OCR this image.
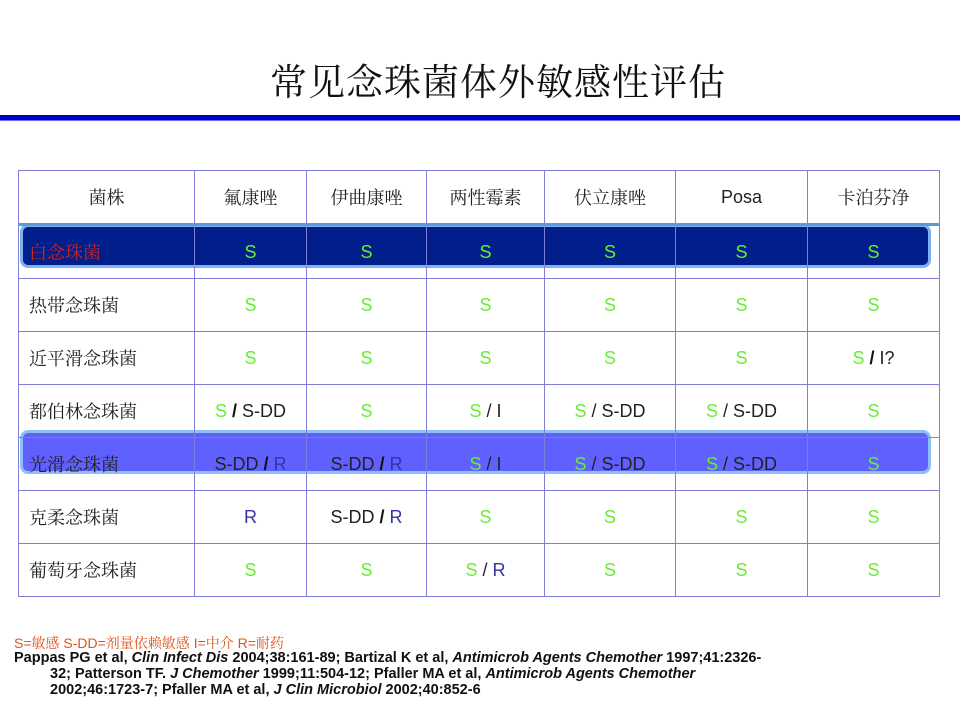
常见念珠菌体外敏感性评估
菌株	氟康唑	伊曲康唑	两性霉素	伏立康唑	Posa	卡泊芬净
白念珠菌	S	S	S	S	S	S
热带念珠菌	S	S	S	S	S	S
近平滑念珠菌	S	S	S	S	S	S / I?
都伯林念珠菌	S / S-DD	S	S / I	S / S-DD	S / S-DD	S
光滑念珠菌	S-DD / R	S-DD / R	S / I	S / S-DD	S / S-DD	S
克柔念珠菌	R	S-DD / R	S	S	S	S
葡萄牙念珠菌	S	S	S / R	S	S	S
S=敏感 S-DD=剂量依赖敏感 I=中介 R=耐药
Pappas PG et al, Clin Infect Dis 2004;38:161-89; Bartizal K et al, Antimicrob Agents Chemother 1997;41:2326-
32; Patterson TF. J Chemother 1999;11:504-12; Pfaller MA et al, Antimicrob Agents Chemother
2002;46:1723-7; Pfaller MA et al, J Clin Microbiol 2002;40:852-6
